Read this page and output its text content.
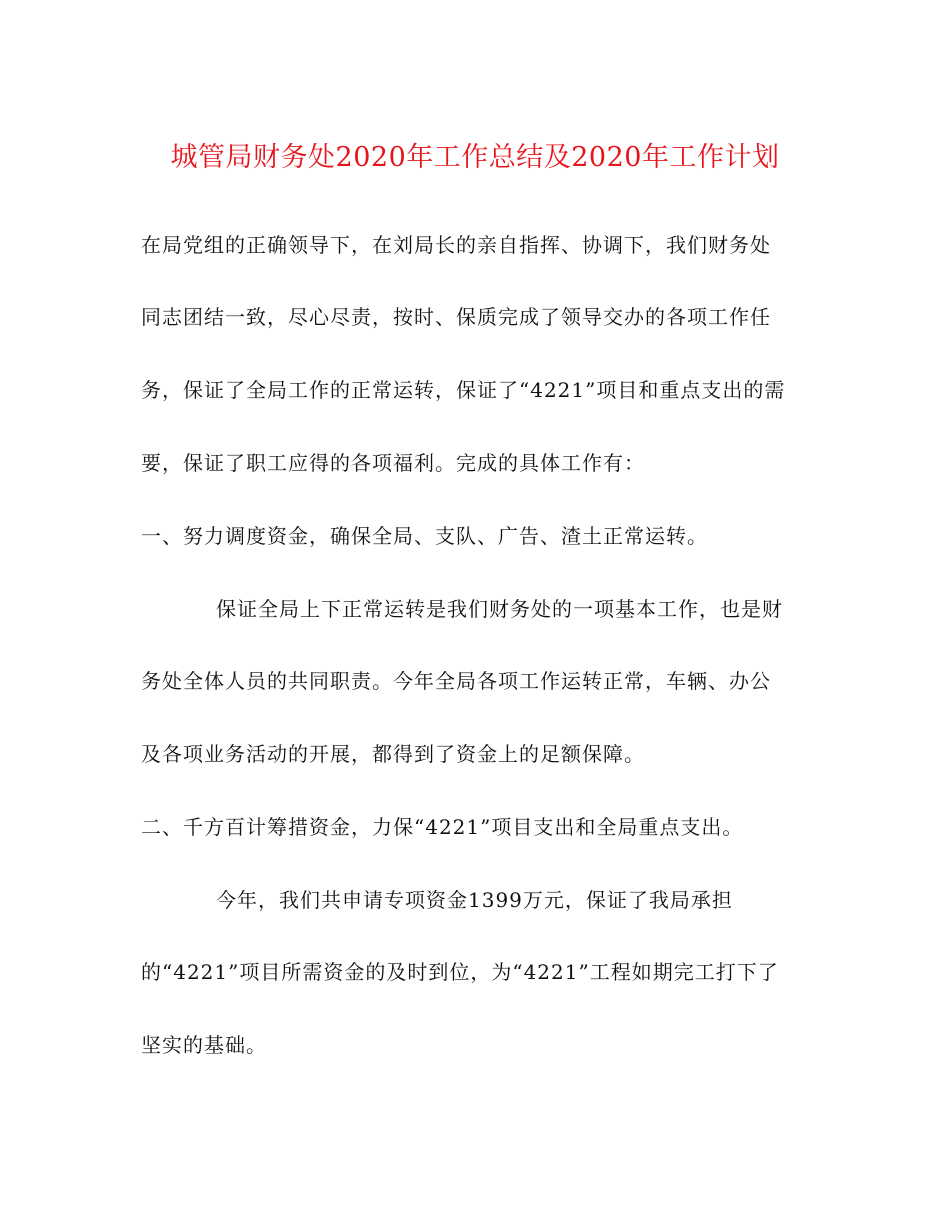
城管局财务处2020年工作总结及2020年工作计划
在局党组的正确领导下，在刘局长的亲自指挥、协调下，我们财务处
同志团结一致，尽心尽责，按时、保质完成了领导交办的各项工作任
务，保证了全局工作的正常运转，保证了“4221”项目和重点支出的需
要，保证了职工应得的各项福利。完成的具体工作有：
一、努力调度资金，确保全局、支队、广告、渣土正常运转。
保证全局上下正常运转是我们财务处的一项基本工作，也是财
务处全体人员的共同职责。今年全局各项工作运转正常，车辆、办公
及各项业务活动的开展，都得到了资金上的足额保障。
二、千方百计筹措资金，力保“4221”项目支出和全局重点支出。
今年，我们共申请专项资金1399万元，保证了我局承担
的“4221”项目所需资金的及时到位，为“4221”工程如期完工打下了
坚实的基础。
